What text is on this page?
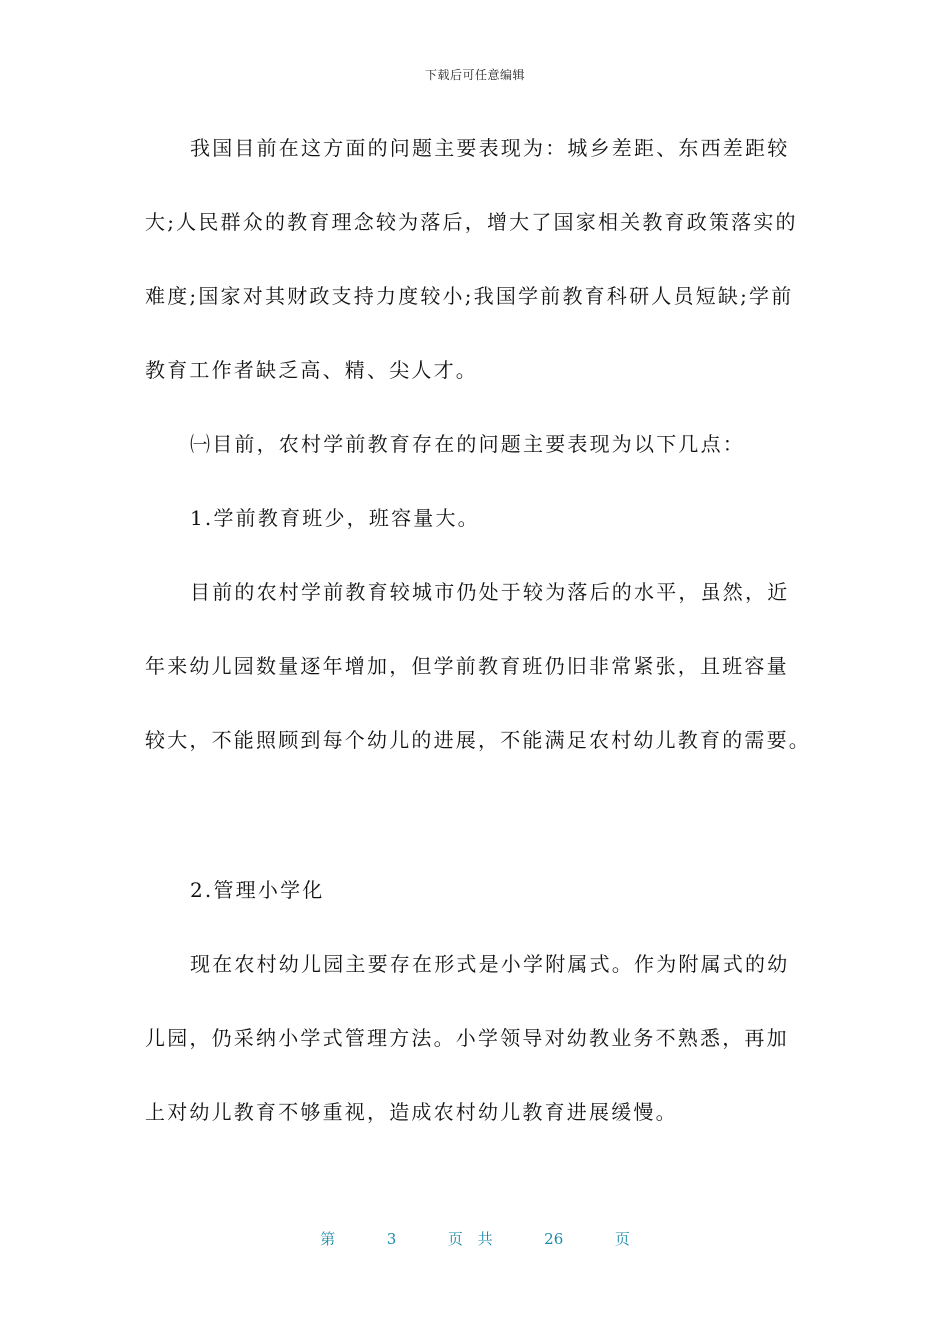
下载后可任意编辑
我国目前在这方面的问题主要表现为：城乡差距、东西差距较
大;人民群众的教育理念较为落后，增大了国家相关教育政策落实的
难度;国家对其财政支持力度较小;我国学前教育科研人员短缺;学前
教育工作者缺乏高、精、尖人才。
㈠目前，农村学前教育存在的问题主要表现为以下几点：
1.学前教育班少，班容量大。
目前的农村学前教育较城市仍处于较为落后的水平，虽然，近
年来幼儿园数量逐年增加，但学前教育班仍旧非常紧张，且班容量
较大，不能照顾到每个幼儿的进展，不能满足农村幼儿教育的需要。
2.管理小学化
现在农村幼儿园主要存在形式是小学附属式。作为附属式的幼
儿园，仍采纳小学式管理方法。小学领导对幼教业务不熟悉，再加
上对幼儿教育不够重视，造成农村幼儿教育进展缓慢。
第	3	页 共	26	页
